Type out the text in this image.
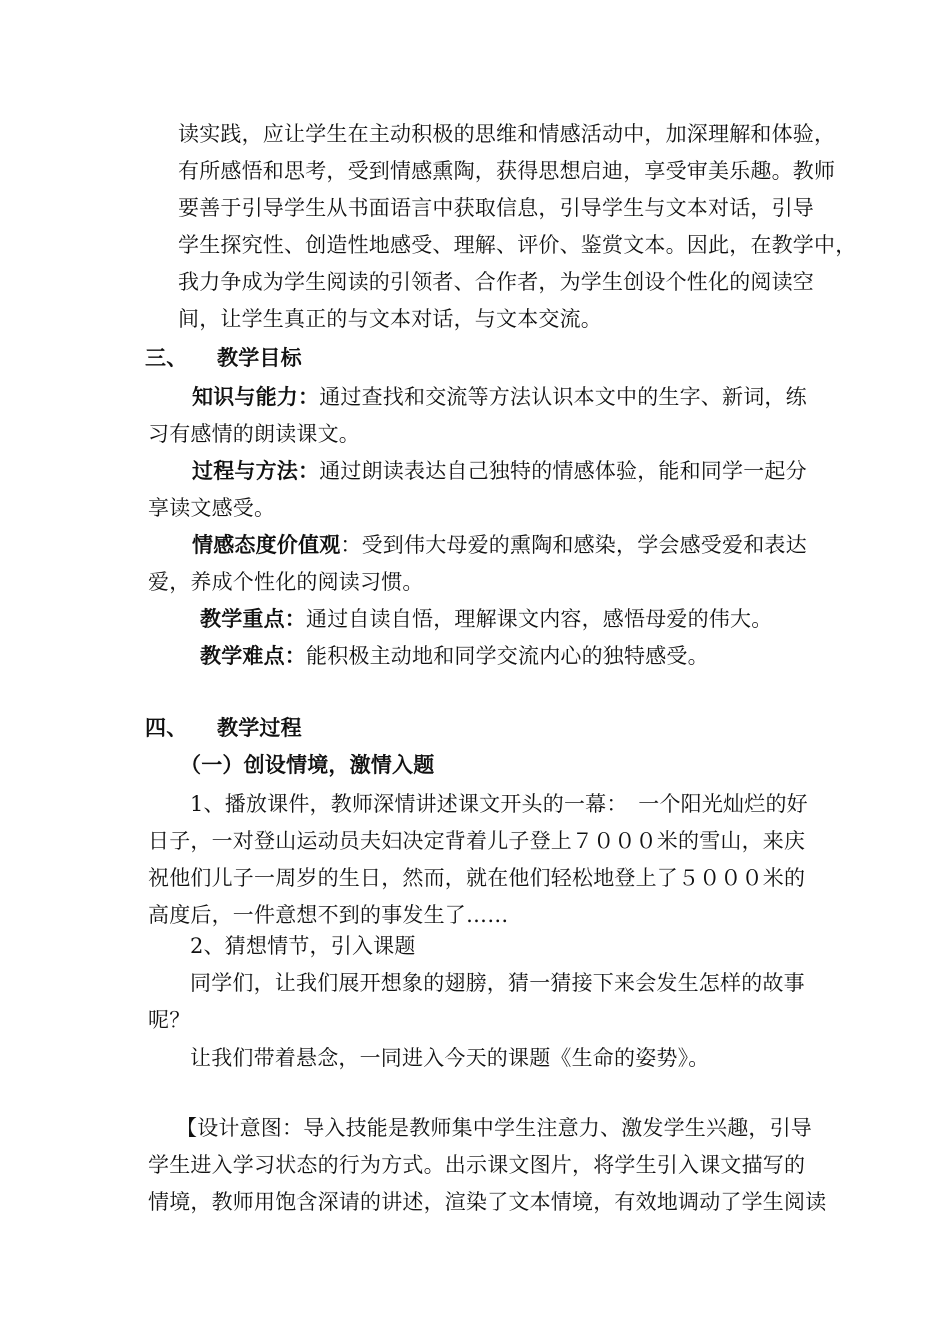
读实践，应让学生在主动积极的思维和情感活动中，加深理解和体验，
有所感悟和思考，受到情感熏陶，获得思想启迪，享受审美乐趣。教师
要善于引导学生从书面语言中获取信息，引导学生与文本对话，引导
学生探究性、创造性地感受、理解、评价、鉴赏文本。因此，在教学中，
我力争成为学生阅读的引领者、合作者，为学生创设个性化的阅读空
间，让学生真正的与文本对话，与文本交流。
三、 教学目标
知识与能力：通过查找和交流等方法认识本文中的生字、新词，练
习有感情的朗读课文。
过程与方法：通过朗读表达自己独特的情感体验，能和同学一起分
享读文感受。
情感态度价值观：受到伟大母爱的熏陶和感染，学会感受爱和表达
爱，养成个性化的阅读习惯。
教学重点：通过自读自悟，理解课文内容，感悟母爱的伟大。
教学难点：能积极主动地和同学交流内心的独特感受。
四、 教学过程
（一）创设情境，激情入题
1、播放课件，教师深情讲述课文开头的一幕：　一个阳光灿烂的好
日子，一对登山运动员夫妇决定背着儿子登上７０００米的雪山，来庆
祝他们儿子一周岁的生日，然而，就在他们轻松地登上了５０００米的
高度后，一件意想不到的事发生了……
2、猜想情节，引入课题
同学们，让我们展开想象的翅膀，猜一猜接下来会发生怎样的故事
呢？
让我们带着悬念，一同进入今天的课题《生命的姿势》。
【设计意图：导入技能是教师集中学生注意力、激发学生兴趣，引导
学生进入学习状态的行为方式。出示课文图片，将学生引入课文描写的
情境，教师用饱含深请的讲述，渲染了文本情境，有效地调动了学生阅读
